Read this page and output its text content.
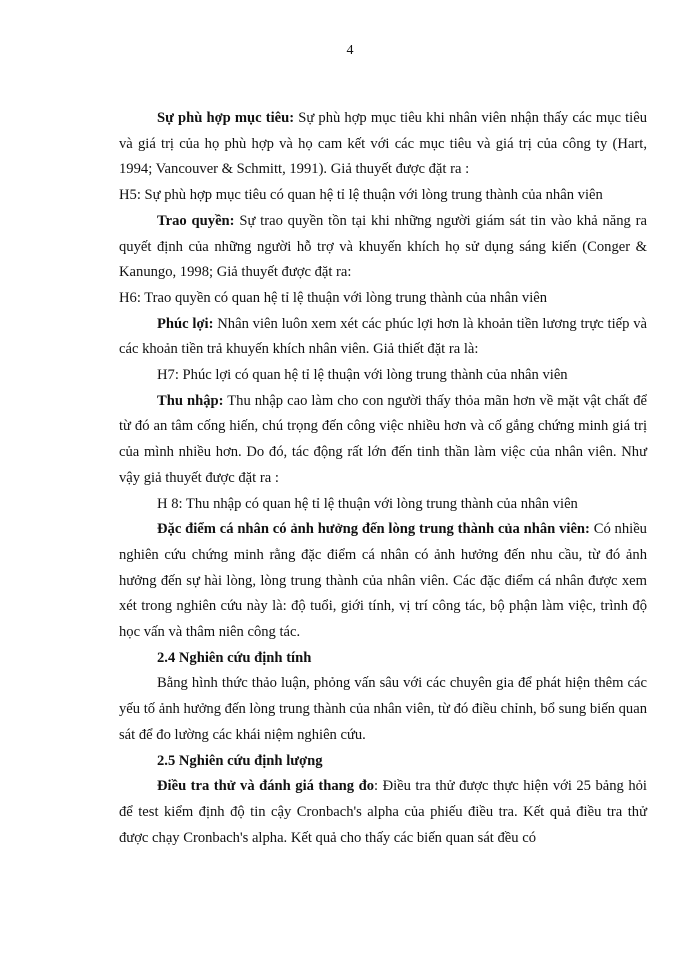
4

Sự phù hợp mục tiêu: Sự phù hợp mục tiêu khi nhân viên nhận thấy các mục tiêu và giá trị của họ phù hợp và họ cam kết với các mục tiêu và giá trị của công ty (Hart, 1994; Vancouver & Schmitt, 1991). Giả thuyết được đặt ra :

H5: Sự phù hợp mục tiêu có quan hệ tỉ lệ thuận với lòng trung thành của nhân viên

Trao quyền: Sự trao quyền tồn tại khi những người giám sát tin vào khả năng ra quyết định của những người hỗ trợ và khuyến khích họ sử dụng sáng kiến (Conger & Kanungo, 1998; Giả thuyết được đặt ra:

H6: Trao quyền có quan hệ tỉ lệ thuận với lòng trung thành của nhân viên

Phúc lợi: Nhân viên luôn xem xét các phúc lợi hơn là khoản tiền lương trực tiếp và các khoản tiền trả khuyến khích nhân viên. Giả thiết đặt ra là:

H7: Phúc lợi có quan hệ tỉ lệ thuận với lòng trung thành của nhân viên

Thu nhập: Thu nhập cao làm cho con người thấy thỏa mãn hơn về mặt vật chất để từ đó an tâm cống hiến, chú trọng đến công việc nhiều hơn và cố gắng chứng minh giá trị của mình nhiều hơn. Do đó, tác động rất lớn đến tinh thần làm việc của nhân viên. Như vậy giả thuyết được đặt ra :

H 8: Thu nhập có quan hệ tỉ lệ thuận với lòng trung thành của nhân viên

Đặc điểm cá nhân có ảnh hưởng đến lòng trung thành của nhân viên: Có nhiều nghiên cứu chứng minh rằng đặc điểm cá nhân có ảnh hưởng đến nhu cầu, từ đó ảnh hưởng đến sự hài lòng, lòng trung thành của nhân viên. Các đặc điểm cá nhân được xem xét trong nghiên cứu này là: độ tuổi, giới tính, vị trí công tác, bộ phận làm việc, trình độ học vấn và thâm niên công tác.

2.4 Nghiên cứu định tính

Bằng hình thức thảo luận, phỏng vấn sâu với các chuyên gia để phát hiện thêm các yếu tố ảnh hưởng đến lòng trung thành của nhân viên, từ đó điều chỉnh, bổ sung biến quan sát để đo lường các khái niệm nghiên cứu.

2.5 Nghiên cứu định lượng

Điều tra thử và đánh giá thang đo: Điều tra thử được thực hiện với 25 bảng hỏi để test kiểm định độ tin cậy Cronbach's alpha của phiếu điều tra. Kết quả điều tra thử được chạy Cronbach's alpha. Kết quả cho thấy các biến quan sát đều có
